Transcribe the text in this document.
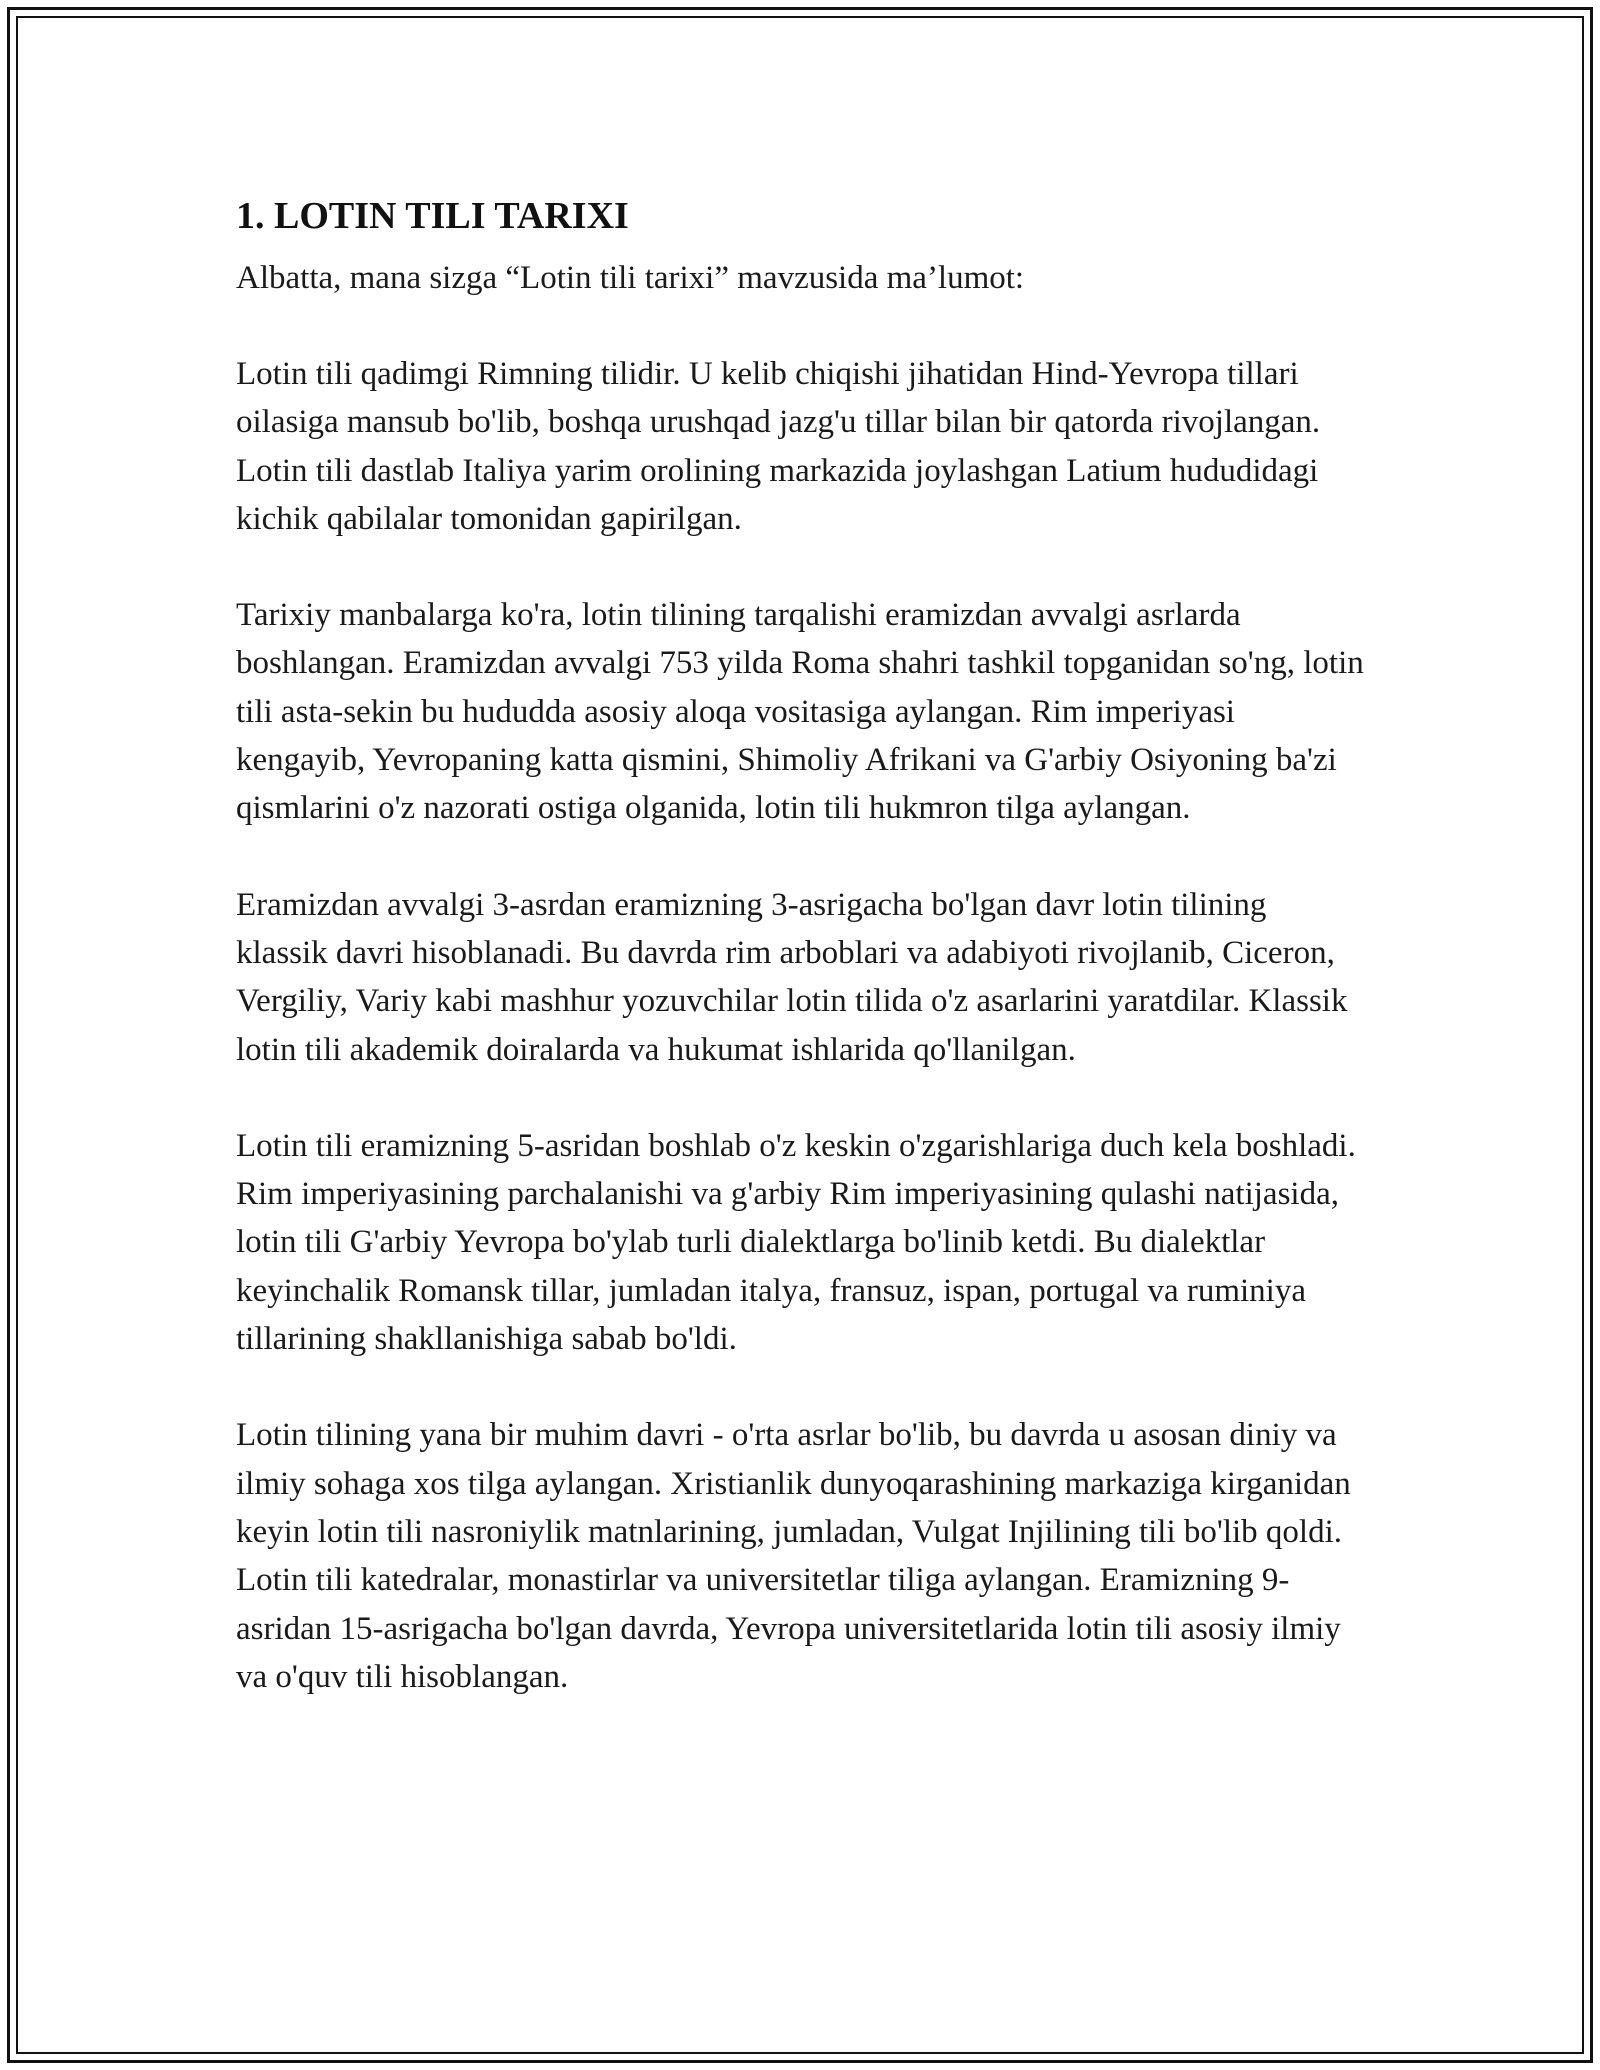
1. LOTIN TILI TARIXI

Albatta, mana sizga “Lotin tili tarixi” mavzusida ma’lumot:

Lotin tili qadimgi Rimning tilidir. U kelib chiqishi jihatidan Hind-Yevropa tillari oilasiga mansub bo'lib, boshqa urushqad jazg'u tillar bilan bir qatorda rivojlangan. Lotin tili dastlab Italiya yarim orolining markazida joylashgan Latium hududidagi kichik qabilalar tomonidan gapirilgan.

Tarixiy manbalarga ko'ra, lotin tilining tarqalishi eramizdan avvalgi asrlarda boshlangan. Eramizdan avvalgi 753 yilda Roma shahri tashkil topganidan so'ng, lotin tili asta-sekin bu hududda asosiy aloqa vositasiga aylangan. Rim imperiyasi kengayib, Yevropaning katta qismini, Shimoliy Afrikani va G'arbiy Osiyoning ba'zi qismlarini o'z nazorati ostiga olganida, lotin tili hukmron tilga aylangan.

Eramizdan avvalgi 3-asrdan eramizning 3-asrigacha bo'lgan davr lotin tilining klassik davri hisoblanadi. Bu davrda rim arboblari va adabiyoti rivojlanib, Ciceron, Vergiliy, Variy kabi mashhur yozuvchilar lotin tilida o'z asarlarini yaratdilar. Klassik lotin tili akademik doiralarda va hukumat ishlarida qo'llanilgan.

Lotin tili eramizning 5-asridan boshlab o'z keskin o'zgarishlariga duch kela boshladi. Rim imperiyasining parchalanishi va g'arbiy Rim imperiyasining qulashi natijasida, lotin tili G'arbiy Yevropa bo'ylab turli dialektlarga bo'linib ketdi. Bu dialektlar keyinchalik Romansk tillar, jumladan italya, fransuz, ispan, portugal va ruminiya tillarining shakllanishiga sabab bo'ldi.

Lotin tilining yana bir muhim davri - o'rta asrlar bo'lib, bu davrda u asosan diniy va ilmiy sohaga xos tilga aylangan. Xristianlik dunyoqarashining markaziga kirganidan keyin lotin tili nasroniylik matnlarining, jumladan, Vulgat Injilining tili bo'lib qoldi. Lotin tili katedralar, monastirlar va universitetlar tiliga aylangan. Eramizning 9-asridan 15-asrigacha bo'lgan davrda, Yevropa universitetlarida lotin tili asosiy ilmiy va o'quv tili hisoblangan.
